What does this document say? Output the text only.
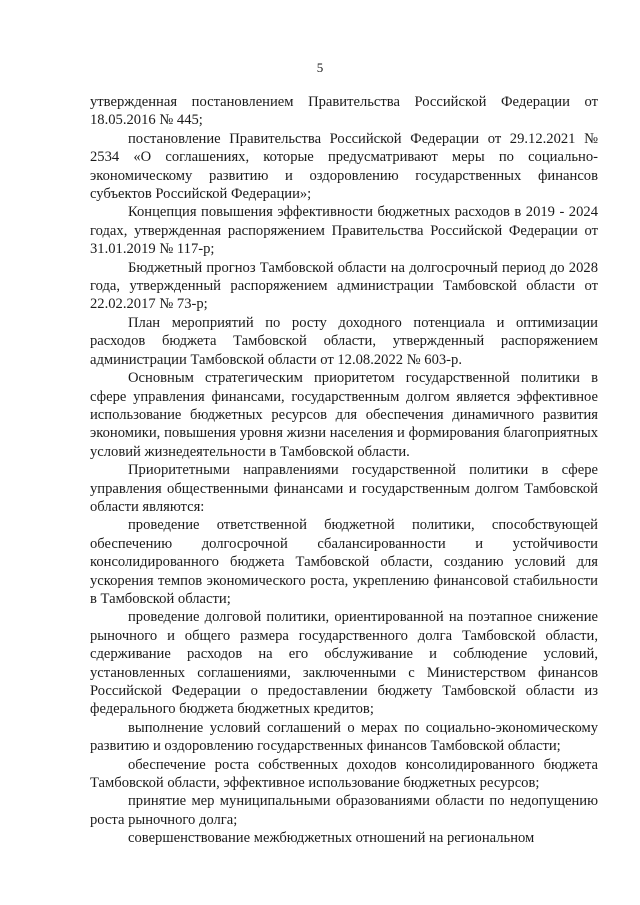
5

утвержденная постановлением Правительства Российской Федерации от 18.05.2016 № 445;

постановление Правительства Российской Федерации от 29.12.2021 № 2534 «О соглашениях, которые предусматривают меры по социально-экономическому развитию и оздоровлению государственных финансов субъектов Российской Федерации»;

Концепция повышения эффективности бюджетных расходов в 2019 - 2024 годах, утвержденная распоряжением Правительства Российской Федерации от 31.01.2019 № 117-р;

Бюджетный прогноз Тамбовской области на долгосрочный период до 2028 года, утвержденный распоряжением администрации Тамбовской области от 22.02.2017 № 73-р;

План мероприятий по росту доходного потенциала и оптимизации расходов бюджета Тамбовской области, утвержденный распоряжением администрации Тамбовской области от 12.08.2022 № 603-р.

Основным стратегическим приоритетом государственной политики в сфере управления финансами, государственным долгом является эффективное использование бюджетных ресурсов для обеспечения динамичного развития экономики, повышения уровня жизни населения и формирования благоприятных условий жизнедеятельности в Тамбовской области.

Приоритетными направлениями государственной политики в сфере управления общественными финансами и государственным долгом Тамбовской области являются:

проведение ответственной бюджетной политики, способствующей обеспечению долгосрочной сбалансированности и устойчивости консолидированного бюджета Тамбовской области, созданию условий для ускорения темпов экономического роста, укреплению финансовой стабильности в Тамбовской области;

проведение долговой политики, ориентированной на поэтапное снижение рыночного и общего размера государственного долга Тамбовской области, сдерживание расходов на его обслуживание и соблюдение условий, установленных соглашениями, заключенными с Министерством финансов Российской Федерации о предоставлении бюджету Тамбовской области из федерального бюджета бюджетных кредитов;

выполнение условий соглашений о мерах по социально-экономическому развитию и оздоровлению государственных финансов Тамбовской области;

обеспечение роста собственных доходов консолидированного бюджета Тамбовской области, эффективное использование бюджетных ресурсов;

принятие мер муниципальными образованиями области по недопущению роста рыночного долга;

совершенствование межбюджетных отношений на региональном
